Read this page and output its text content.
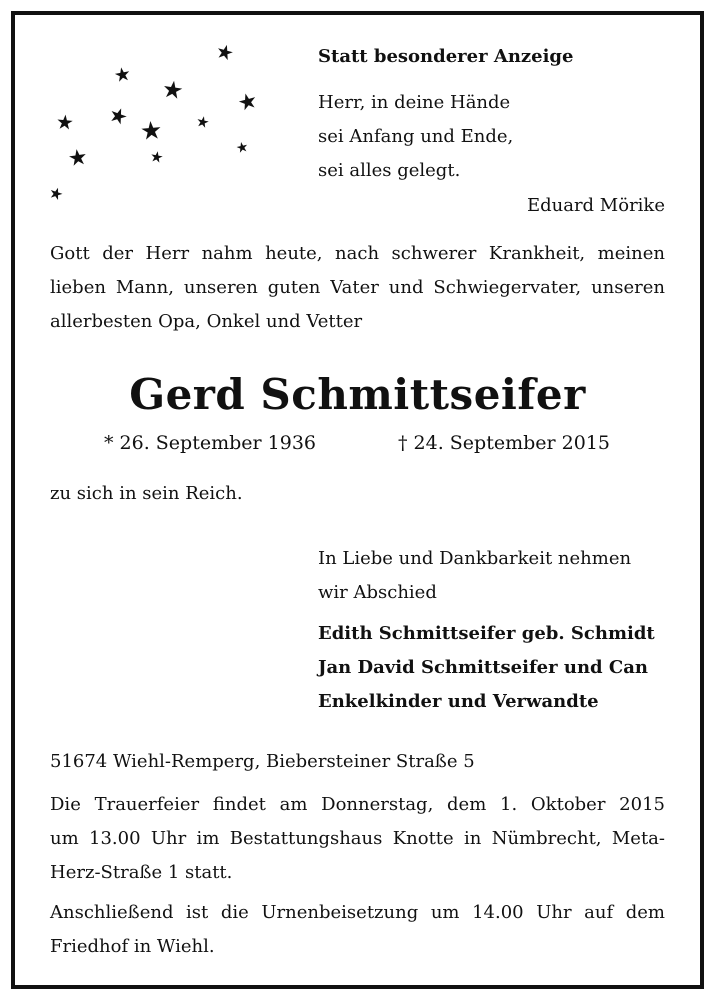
★
★ ★ ★
★ ★ ★ ★
★	★	★
★
Statt besonderer Anzeige
Herr, in deine Hände
sei Anfang und Ende,
sei alles gelegt.
Eduard Mörike
Gott der Herr nahm heute, nach schwerer Krankheit, meinen
lieben Mann, unseren guten Vater und Schwiegervater, unseren
allerbesten Opa, Onkel und Vetter
Gerd Schmittseifer
* 26. September 1936	† 24. September 2015
zu sich in sein Reich.
In Liebe und Dankbarkeit nehmen
wir Abschied
Edith Schmittseifer geb. Schmidt
Jan David Schmittseifer und Can
Enkelkinder und Verwandte
51674 Wiehl-Remperg, Biebersteiner Straße 5
Die Trauerfeier findet am Donnerstag, dem 1. Oktober 2015
um 13.00 Uhr im Bestattungshaus Knotte in Nümbrecht, Meta-
Herz-Straße 1 statt.
Anschließend ist die Urnenbeisetzung um 14.00 Uhr auf dem
Friedhof in Wiehl.
